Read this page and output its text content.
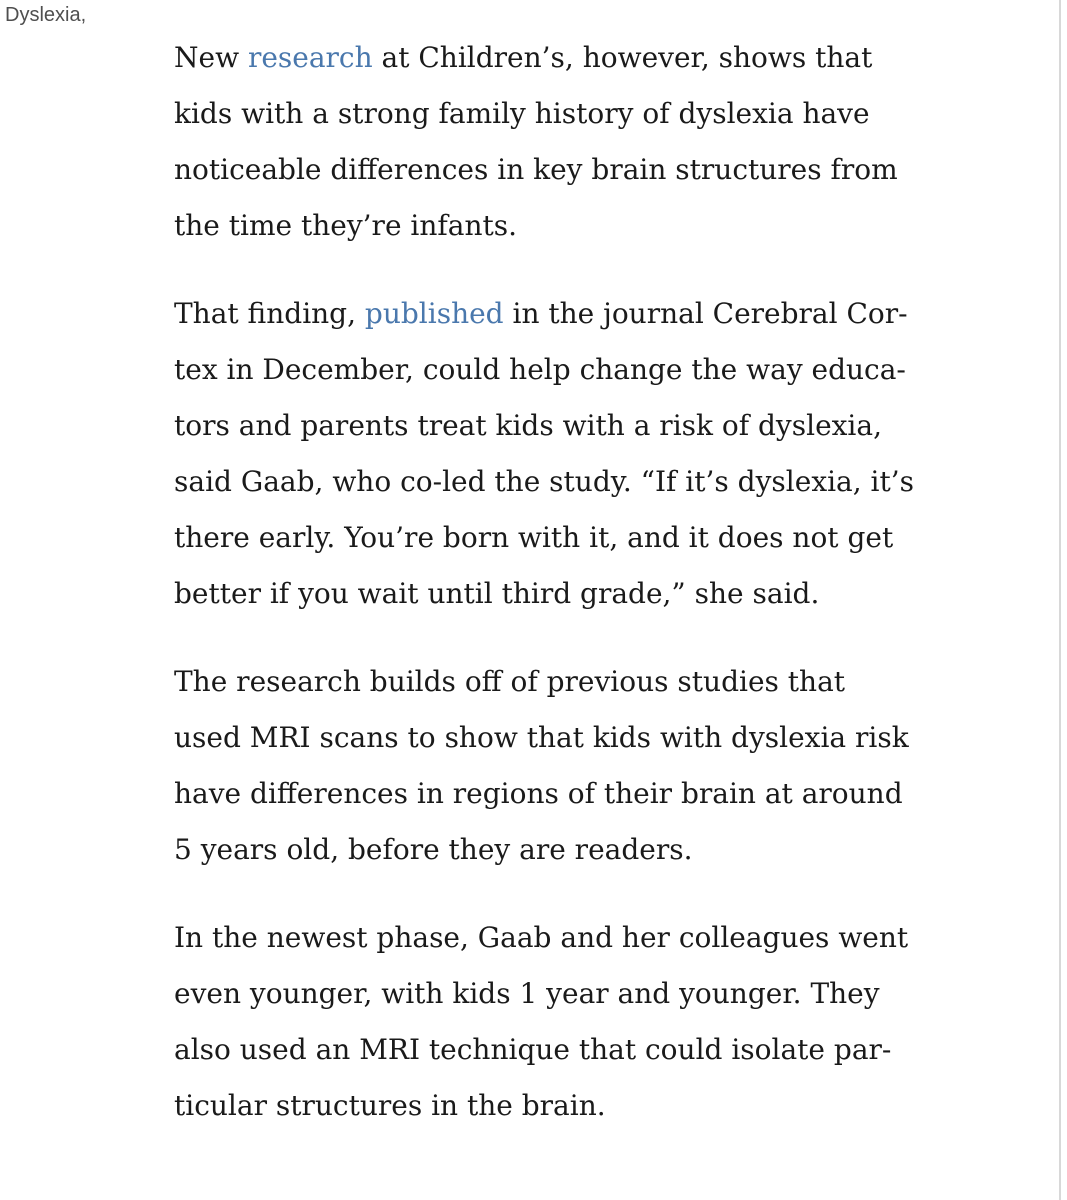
Dyslexia,

New research at Children’s, however, shows that
kids with a strong family history of dyslexia have
noticeable differences in key brain structures from
the time they’re infants.

That finding, published in the journal Cerebral Cor-
tex in December, could help change the way educa-
tors and parents treat kids with a risk of dyslexia,
said Gaab, who co-led the study. “If it’s dyslexia, it’s
there early. You’re born with it, and it does not get
better if you wait until third grade,” she said.

The research builds off of previous studies that
used MRI scans to show that kids with dyslexia risk
have differences in regions of their brain at around
5 years old, before they are readers.

In the newest phase, Gaab and her colleagues went
even younger, with kids 1 year and younger. They
also used an MRI technique that could isolate par-
ticular structures in the brain.
